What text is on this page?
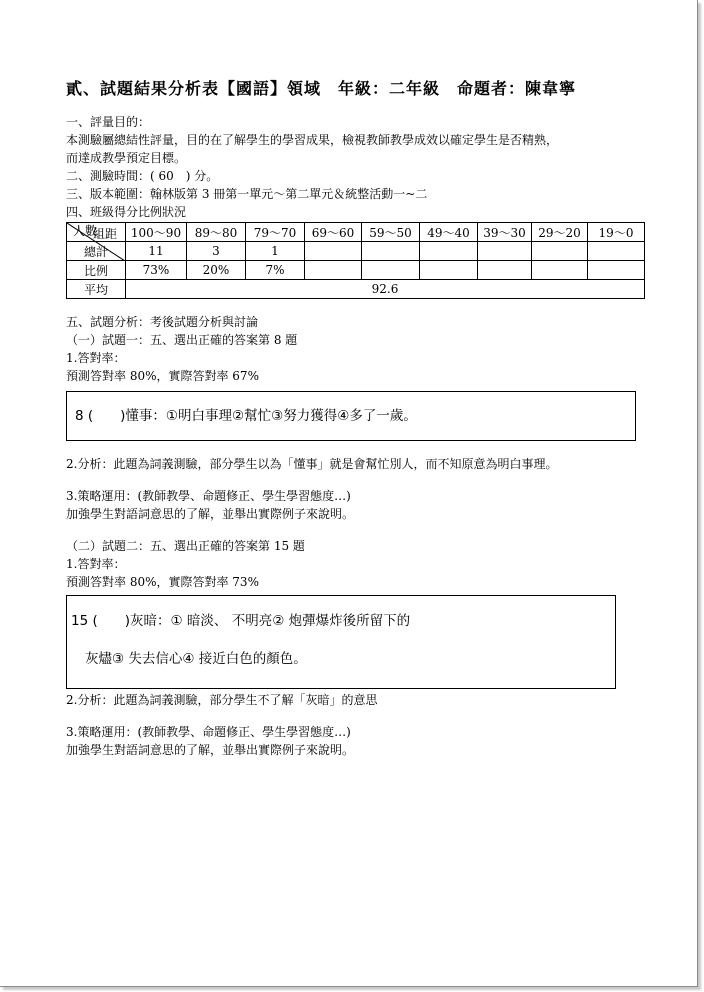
貳、試題結果分析表【國語】領域　年級：二年級　命題者：陳韋寧
一、評量目的：
本測驗屬總結性評量，目的在了解學生的學習成果，檢視教師教學成效以確定學生是否精熟，
而達成教學預定目標。
二、測驗時間：( 60　) 分。
三、版本範圍：翰林版第 3 冊第一單元～第二單元＆統整活動一~二
四、班級得分比例狀況
組距
人數	100～90	89～80	79～70	69～60	59～50	49～40	39～30	29～20	19～0
總計	11	3	1						
比例	73%	20%	7%						
平均	92.6								
五、試題分析：考後試題分析與討論
（一）試題一：五、選出正確的答案第 8 題
1.答對率：
預測答對率 80%，實際答對率 67%
8 (　　)懂事：①明白事理②幫忙③努力獲得④多了一歲。
2.分析：此題為詞義測驗，部分學生以為「懂事」就是會幫忙別人，而不知原意為明白事理。
3.策略運用：(教師教學、命題修正、學生學習態度…)
加強學生對語詞意思的了解，並舉出實際例子來說明。
（二）試題二：五、選出正確的答案第 15 題
1.答對率：
預測答對率 80%，實際答對率 73%
15 (　　)灰暗：① 暗淡、 不明亮② 炮彈爆炸後所留下的
灰燼③ 失去信心④ 接近白色的顏色。
2.分析：此題為詞義測驗，部分學生不了解「灰暗」的意思
3.策略運用：(教師教學、命題修正、學生學習態度…)
加強學生對語詞意思的了解，並舉出實際例子來說明。
